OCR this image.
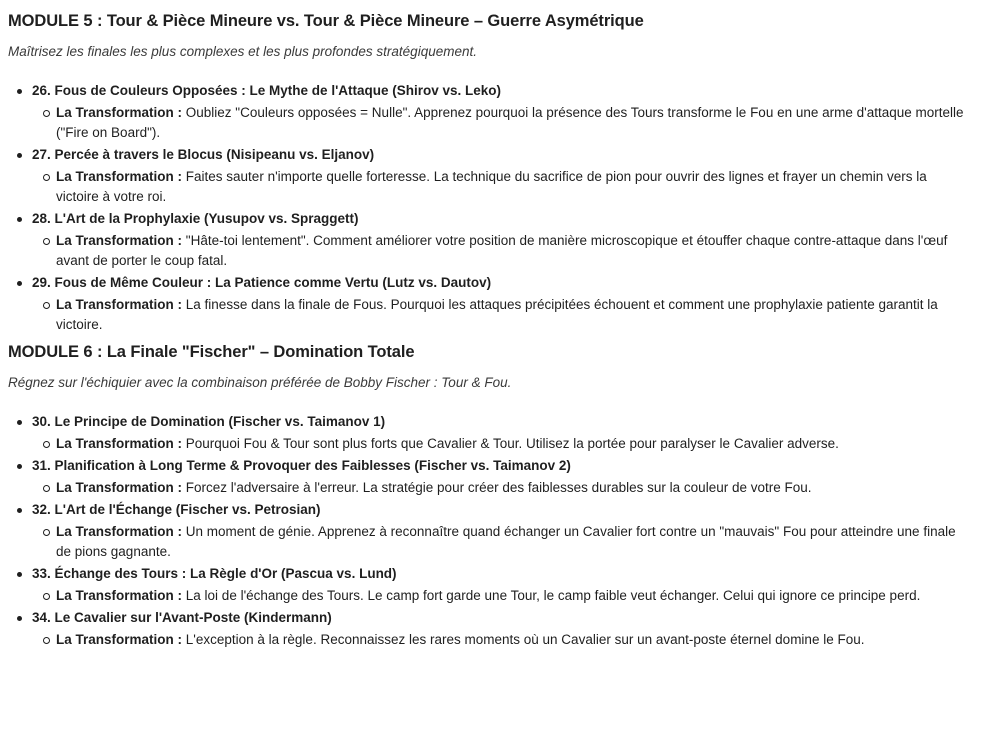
MODULE 5 : Tour & Pièce Mineure vs. Tour & Pièce Mineure – Guerre Asymétrique

Maîtrisez les finales les plus complexes et les plus profondes stratégiquement.

26. Fous de Couleurs Opposées : Le Mythe de l'Attaque (Shirov vs. Leko)
La Transformation : Oubliez "Couleurs opposées = Nulle". Apprenez pourquoi la présence des Tours transforme le Fou en une arme d'attaque mortelle ("Fire on Board").
27. Percée à travers le Blocus (Nisipeanu vs. Eljanov)
La Transformation : Faites sauter n'importe quelle forteresse. La technique du sacrifice de pion pour ouvrir des lignes et frayer un chemin vers la victoire à votre roi.
28. L'Art de la Prophylaxie (Yusupov vs. Spraggett)
La Transformation : "Hâte-toi lentement". Comment améliorer votre position de manière microscopique et étouffer chaque contre-attaque dans l'œuf avant de porter le coup fatal.
29. Fous de Même Couleur : La Patience comme Vertu (Lutz vs. Dautov)
La Transformation : La finesse dans la finale de Fous. Pourquoi les attaques précipitées échouent et comment une prophylaxie patiente garantit la victoire.
MODULE 6 : La Finale "Fischer" – Domination Totale

Régnez sur l'échiquier avec la combinaison préférée de Bobby Fischer : Tour & Fou.

30. Le Principe de Domination (Fischer vs. Taimanov 1)
La Transformation : Pourquoi Fou & Tour sont plus forts que Cavalier & Tour. Utilisez la portée pour paralyser le Cavalier adverse.
31. Planification à Long Terme & Provoquer des Faiblesses (Fischer vs. Taimanov 2)
La Transformation : Forcez l'adversaire à l'erreur. La stratégie pour créer des faiblesses durables sur la couleur de votre Fou.
32. L'Art de l'Échange (Fischer vs. Petrosian)
La Transformation : Un moment de génie. Apprenez à reconnaître quand échanger un Cavalier fort contre un "mauvais" Fou pour atteindre une finale de pions gagnante.
33. Échange des Tours : La Règle d'Or (Pascua vs. Lund)
La Transformation : La loi de l'échange des Tours. Le camp fort garde une Tour, le camp faible veut échanger. Celui qui ignore ce principe perd.
34. Le Cavalier sur l'Avant-Poste (Kindermann)
La Transformation : L'exception à la règle. Reconnaissez les rares moments où un Cavalier sur un avant-poste éternel domine le Fou.
